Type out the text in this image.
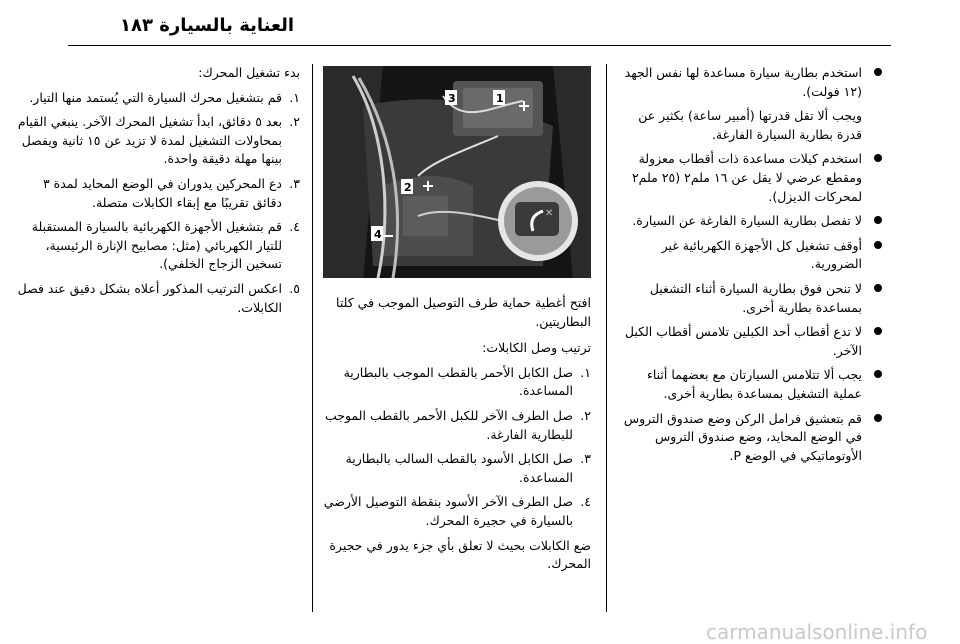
العناية بالسيارة ١٨٣
استخدم بطارية سيارة مساعدة لها نفس الجهد (١٢ فولت).
ويجب ألا تقل قدرتها (أمبير ساعة) بكثير عن قدرة بطارية السيارة الفارغة.
استخدم كبلات مساعدة ذات أقطاب معزولة ومقطع عرضي لا يقل عن ١٦ ملم٢ (٢٥ ملم٢ لمحركات الديزل).
لا تفصل بطارية السيارة الفارغة عن السيارة.
أوقف تشغيل كل الأجهزة الكهربائية غير الضرورية.
لا تنحن فوق بطارية السيارة أثناء التشغيل بمساعدة بطارية أخرى.
لا تدع أقطاب أحد الكبلين تلامس أقطاب الكبل الآخر.
يجب ألا تتلامس السيارتان مع بعضهما أثناء عملية التشغيل بمساعدة بطارية أخرى.
قم بتعشيق فرامل الركن وضع صندوق التروس في الوضع المحايد، وضع صندوق التروس الأوتوماتيكي في الوضع P.
✕
1
2
3
4

افتح أغطية حماية طرف التوصيل الموجب في كلتا البطاريتين.

ترتيب وصل الكابلات:

١.
صل الكابل الأحمر بالقطب الموجب بالبطارية المساعدة.
٢.
صل الطرف الآخر للكبل الأحمر بالقطب الموجب للبطارية الفارغة.
٣.
صل الكابل الأسود بالقطب السالب بالبطارية المساعدة.
٤.
صل الطرف الآخر الأسود بنقطة التوصيل الأرضي بالسيارة في حجيرة المحرك.

ضع الكابلات بحيث لا تعلق بأي جزء يدور في حجيرة المحرك.

بدء تشغيل المحرك:

١.
قم بتشغيل محرك السيارة التي يُستمد منها التيار.
٢.
بعد ٥ دقائق، ابدأ تشغيل المحرك الآخر. ينبغي القيام بمحاولات التشغيل لمدة لا تزيد عن ١٥ ثانية ويفصل بينها مهلة دقيقة واحدة.
٣.
دع المحركين يدوران في الوضع المحايد لمدة ٣ دقائق تقريبًا مع إبقاء الكابلات متصلة.
٤.
قم بتشغيل الأجهزة الكهربائية بالسيارة المستقبلة للتيار الكهربائي (مثل: مصابيح الإنارة الرئيسية، تسخين الزجاج الخلفي).
٥.
اعكس الترتيب المذكور أعلاه بشكل دقيق عند فصل الكابلات.
carmanualsonline.info
